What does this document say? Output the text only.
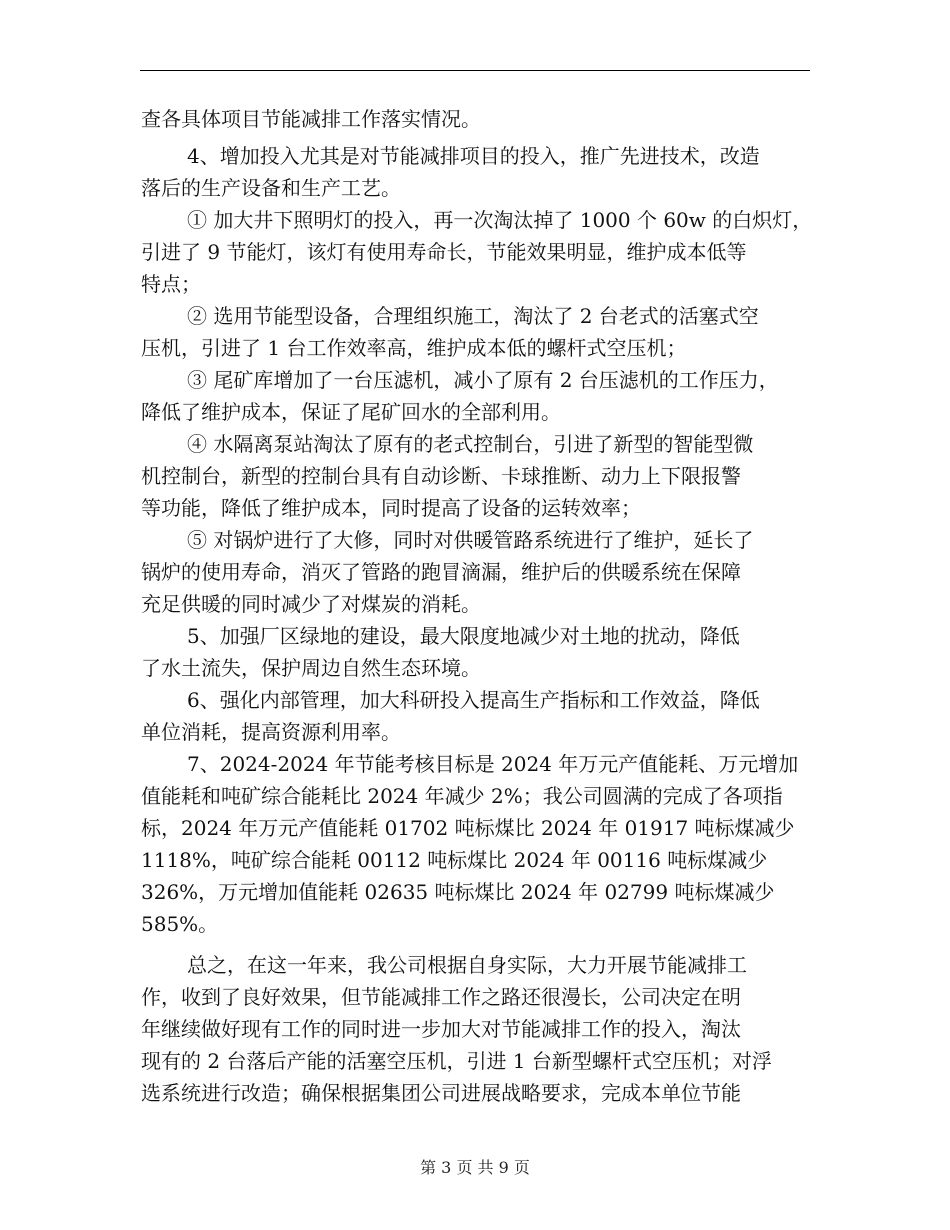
查各具体项目节能减排工作落实情况。
4、增加投入尤其是对节能减排项目的投入，推广先进技术，改造
落后的生产设备和生产工艺。
① 加大井下照明灯的投入，再一次淘汰掉了 1000 个 60w 的白炽灯，
引进了 9 节能灯，该灯有使用寿命长，节能效果明显，维护成本低等
特点；
② 选用节能型设备，合理组织施工，淘汰了 2 台老式的活塞式空
压机，引进了 1 台工作效率高，维护成本低的螺杆式空压机；
③ 尾矿库增加了一台压滤机，减小了原有 2 台压滤机的工作压力，
降低了维护成本，保证了尾矿回水的全部利用。
④ 水隔离泵站淘汰了原有的老式控制台，引进了新型的智能型微
机控制台，新型的控制台具有自动诊断、卡球推断、动力上下限报警
等功能，降低了维护成本，同时提高了设备的运转效率；
⑤ 对锅炉进行了大修，同时对供暖管路系统进行了维护，延长了
锅炉的使用寿命，消灭了管路的跑冒滴漏，维护后的供暖系统在保障
充足供暖的同时减少了对煤炭的消耗。
5、加强厂区绿地的建设，最大限度地减少对土地的扰动，降低
了水土流失，保护周边自然生态环境。
6、强化内部管理，加大科研投入提高生产指标和工作效益，降低
单位消耗，提高资源利用率。
7、2024-2024 年节能考核目标是 2024 年万元产值能耗、万元增加
值能耗和吨矿综合能耗比 2024 年减少 2%；我公司圆满的完成了各项指
标，2024 年万元产值能耗 01702 吨标煤比 2024 年 01917 吨标煤减少
1118%，吨矿综合能耗 00112 吨标煤比 2024 年 00116 吨标煤减少
326%，万元增加值能耗 02635 吨标煤比 2024 年 02799 吨标煤减少
585%。
总之，在这一年来，我公司根据自身实际，大力开展节能减排工
作，收到了良好效果，但节能减排工作之路还很漫长，公司决定在明
年继续做好现有工作的同时进一步加大对节能减排工作的投入，淘汰
现有的 2 台落后产能的活塞空压机，引进 1 台新型螺杆式空压机；对浮
选系统进行改造；确保根据集团公司进展战略要求，完成本单位节能
第 3 页 共 9 页
